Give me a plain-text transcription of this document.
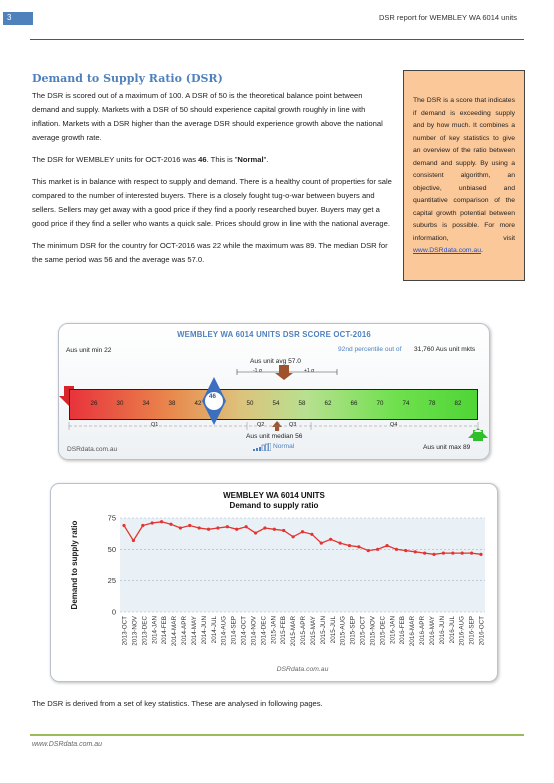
3	DSR report for WEMBLEY WA 6014 units
Demand to Supply Ratio (DSR)

The DSR is scored out of a maximum of 100. A DSR of 50 is the theoretical balance point between demand and supply. Markets with a DSR of 50 should experience capital growth roughly in line with inflation. Markets with a DSR higher than the average DSR should experience growth above the national average growth rate.

The DSR for WEMBLEY units for OCT-2016 was 46. This is "Normal".

This market is in balance with respect to supply and demand. There is a healthy count of properties for sale compared to the number of interested buyers. There is a closely fought tug-o-war between buyers and sellers. Sellers may get away with a good price if they find a poorly researched buyer. Buyers may get a good price if they find a seller who wants a quick sale. Prices should grow in line with the national average.

The minimum DSR for the country for OCT-2016 was 22 while the maximum was 89. The median DSR for the same period was 56 and the average was 57.0.

The DSR is a score that indicates if demand is exceeding supply and by how much. It combines a number of key statistics to give an overview of the ratio between demand and supply. By using a consistent algorithm, an objective, unbiased and quantitative comparison of the capital growth potential between suburbs is possible. For more information, visit www.DSRdata.com.au.
WEMBLEY WA 6014 UNITS DSR SCORE OCT-2016
Aus unit min 22	92nd percentile out of 31,760 Aus unit mkts
Aus unit avg 57.0
-1 σ	+1 σ
26	30	34	38	42	50	54	58	62	66	70	74	78	82
46
Q1	Q2	Q3	Q4
Aus unit median 56
Aus unit max 89
DSRdata.com.au	Normal
WEMBLEY WA 6014 UNITS
Demand to supply ratio
0
25
50
75
Demand to supply ratio
2013-OCT 2013-NOV 2013-DEC 2014-JAN 2014-FEB 2014-MAR 2014-APR 2014-MAY 2014-JUN 2014-JUL 2014-AUG 2014-SEP 2014-OCT 2014-NOV 2014-DEC 2015-JAN 2015-FEB 2015-MAR 2015-APR 2015-MAY 2015-JUN 2015-JUL 2015-AUG 2015-SEP 2015-OCT 2015-NOV 2015-DEC 2016-JAN 2016-FEB 2016-MAR 2016-APR 2016-MAY 2016-JUN 2016-JUL 2016-AUG 2016-SEP 2016-OCT
DSRdata.com.au
The DSR is derived from a set of key statistics. These are analysed in following pages.
www.DSRdata.com.au
